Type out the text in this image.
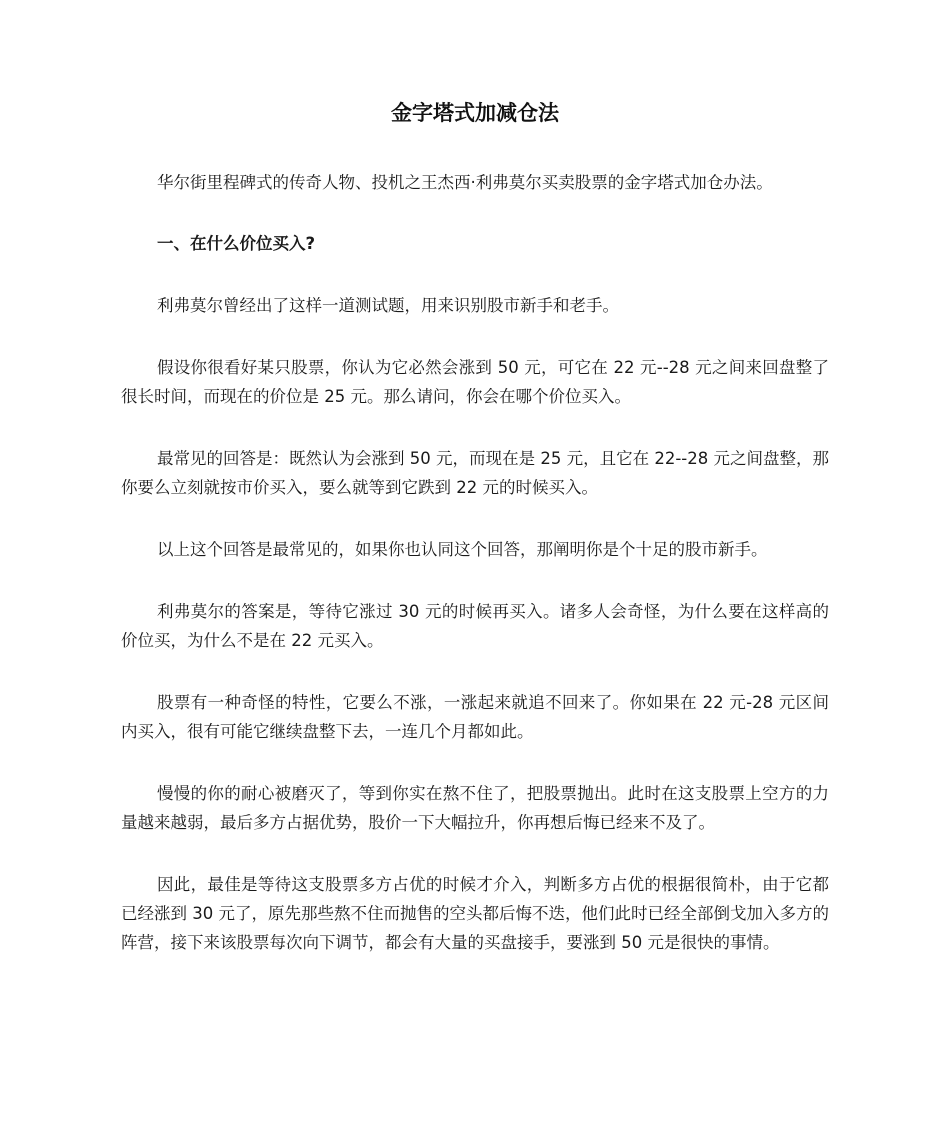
金字塔式加减仓法

华尔街里程碑式的传奇人物、投机之王杰西·利弗莫尔买卖股票的金字塔式加仓办法。

一、在什么价位买入?

利弗莫尔曾经出了这样一道测试题，用来识别股市新手和老手。

假设你很看好某只股票，你认为它必然会涨到 50 元，可它在 22 元--28 元之间来回盘整了很长时间，而现在的价位是 25 元。那么请问，你会在哪个价位买入。

最常见的回答是：既然认为会涨到 50 元，而现在是 25 元，且它在 22--28 元之间盘整，那你要么立刻就按市价买入，要么就等到它跌到 22 元的时候买入。

以上这个回答是最常见的，如果你也认同这个回答，那阐明你是个十足的股市新手。

利弗莫尔的答案是，等待它涨过 30 元的时候再买入。诸多人会奇怪，为什么要在这样高的价位买，为什么不是在 22 元买入。

股票有一种奇怪的特性，它要么不涨，一涨起来就追不回来了。你如果在 22 元-28 元区间内买入，很有可能它继续盘整下去，一连几个月都如此。

慢慢的你的耐心被磨灭了，等到你实在熬不住了，把股票抛出。此时在这支股票上空方的力量越来越弱，最后多方占据优势，股价一下大幅拉升，你再想后悔已经来不及了。

因此，最佳是等待这支股票多方占优的时候才介入，判断多方占优的根据很简朴，由于它都已经涨到 30 元了，原先那些熬不住而抛售的空头都后悔不迭，他们此时已经全部倒戈加入多方的阵营，接下来该股票每次向下调节，都会有大量的买盘接手，要涨到 50 元是很快的事情。
